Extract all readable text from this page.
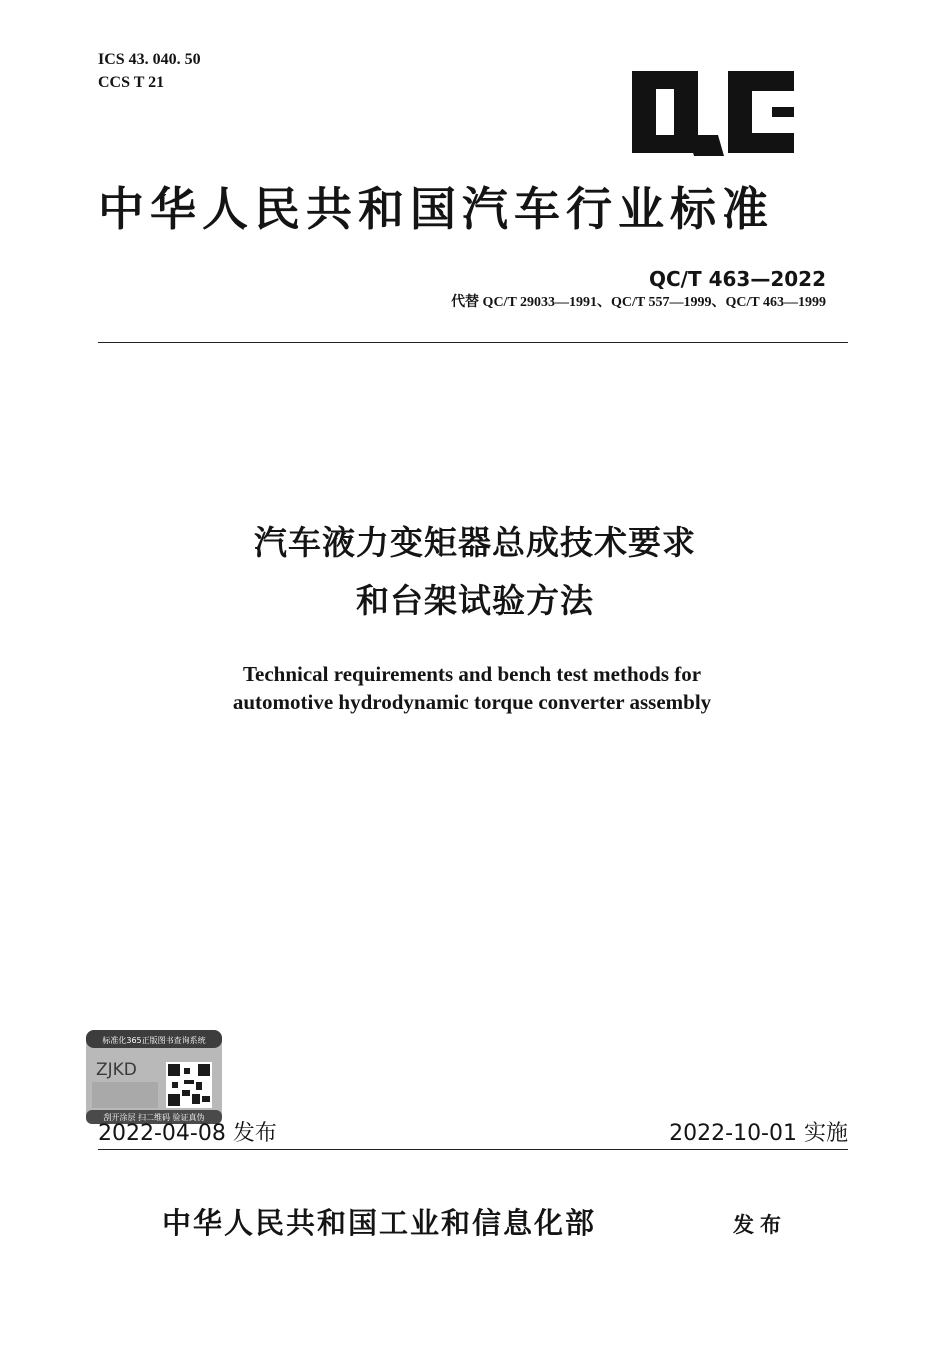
ICS 43. 040. 50
CCS T 21
中华人民共和国汽车行业标准
QC/T 463—2022
代替 QC/T 29033—1991、QC/T 557—1999、QC/T 463—1999
汽车液力变矩器总成技术要求
和台架试验方法
Technical requirements and bench test methods for
automotive hydrodynamic torque converter assembly
标准化365正版图书查询系统
ZJKD
刮开涂层 扫二维码 验证真伪
2022-04-08 发布	2022-10-01 实施
中华人民共和国工业和信息化部	发布
